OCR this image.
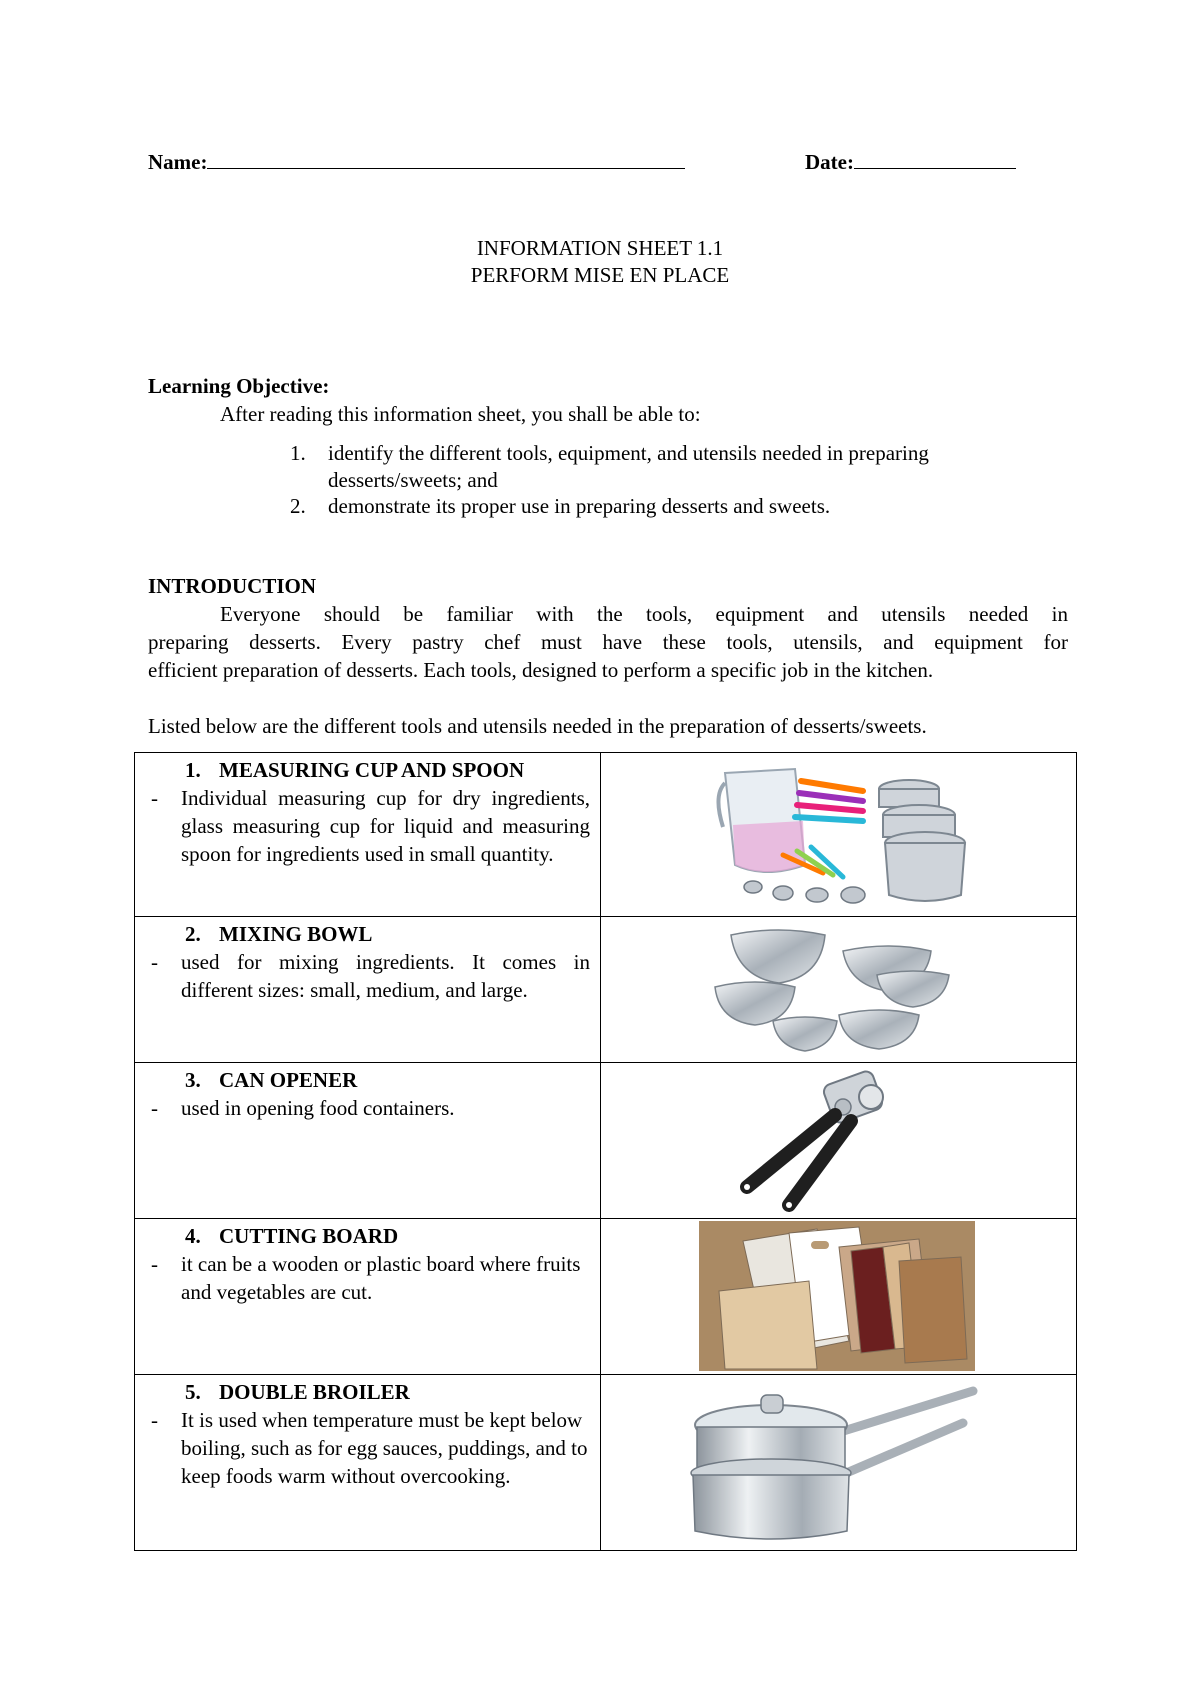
Name:	Date:
INFORMATION SHEET 1.1
PERFORM MISE EN PLACE
Learning Objective:
After reading this information sheet, you shall be able to:
1. identify the different tools, equipment, and utensils needed in preparing desserts/sweets; and
2. demonstrate its proper use in preparing desserts and sweets.
INTRODUCTION
Everyone should be familiar with the tools, equipment and utensils needed in
preparing desserts. Every pastry chef must have these tools, utensils, and equipment for
efficient preparation of desserts. Each tools, designed to perform a specific job in the kitchen.
Listed below are the different tools and utensils needed in the preparation of desserts/sweets.
1. MEASURING CUP AND SPOON
- Individual measuring cup for dry ingredients, glass measuring cup for liquid and measuring spoon for ingredients used in small quantity.

2. MIXING BOWL
- used for mixing ingredients. It comes in different sizes: small, medium, and large.

3. CAN OPENER
- used in opening food containers.

4. CUTTING BOARD
- it can be a wooden or plastic board where fruits and vegetables are cut.

5. DOUBLE BROILER
- It is used when temperature must be kept below boiling, such as for egg sauces, puddings, and to keep foods warm without overcooking.
